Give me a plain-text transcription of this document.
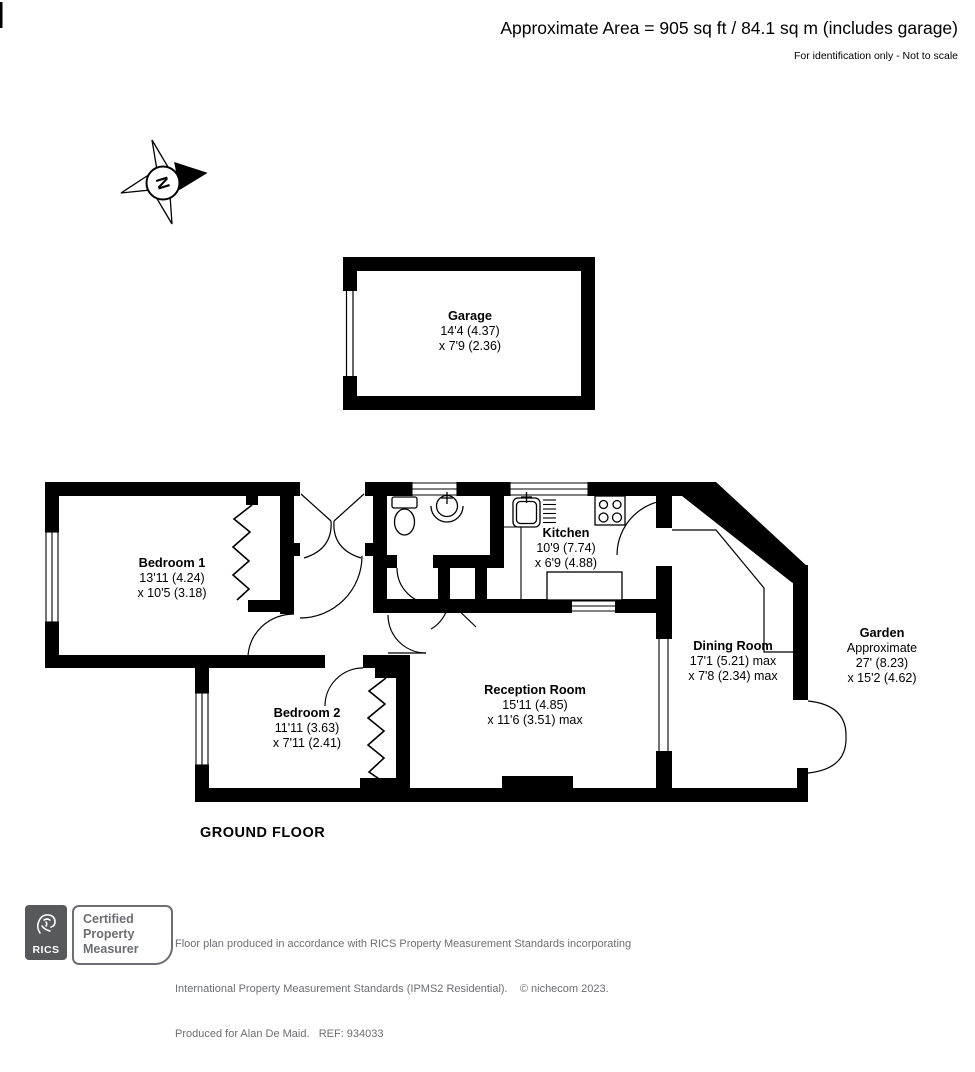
Approximate Area = 905 sq ft / 84.1 sq m (includes garage)
For identification only - Not to scale
N
Garage
14'4 (4.37)
x 7'9 (2.36)
Bedroom 1
13'11 (4.24)
x 10'5 (3.18)
Bedroom 2
11'11 (3.63)
x 7'11 (2.41)
Kitchen
10'9 (7.74)
x 6'9 (4.88)
Reception Room
15'11 (4.85)
x 11'6 (3.51) max
Dining Room
17'1 (5.21) max
x 7'8 (2.34) max
Garden
Approximate
27' (8.23)
x 15'2 (4.62)
GROUND FLOOR
RICS
Certified
Property
Measurer

	Floor plan produced in accordance with RICS Property Measurement Standards incorporating

International Property Measurement Standards (IPMS2 Residential).    © nichecom 2023.

Produced for Alan De Maid.   REF: 934033
